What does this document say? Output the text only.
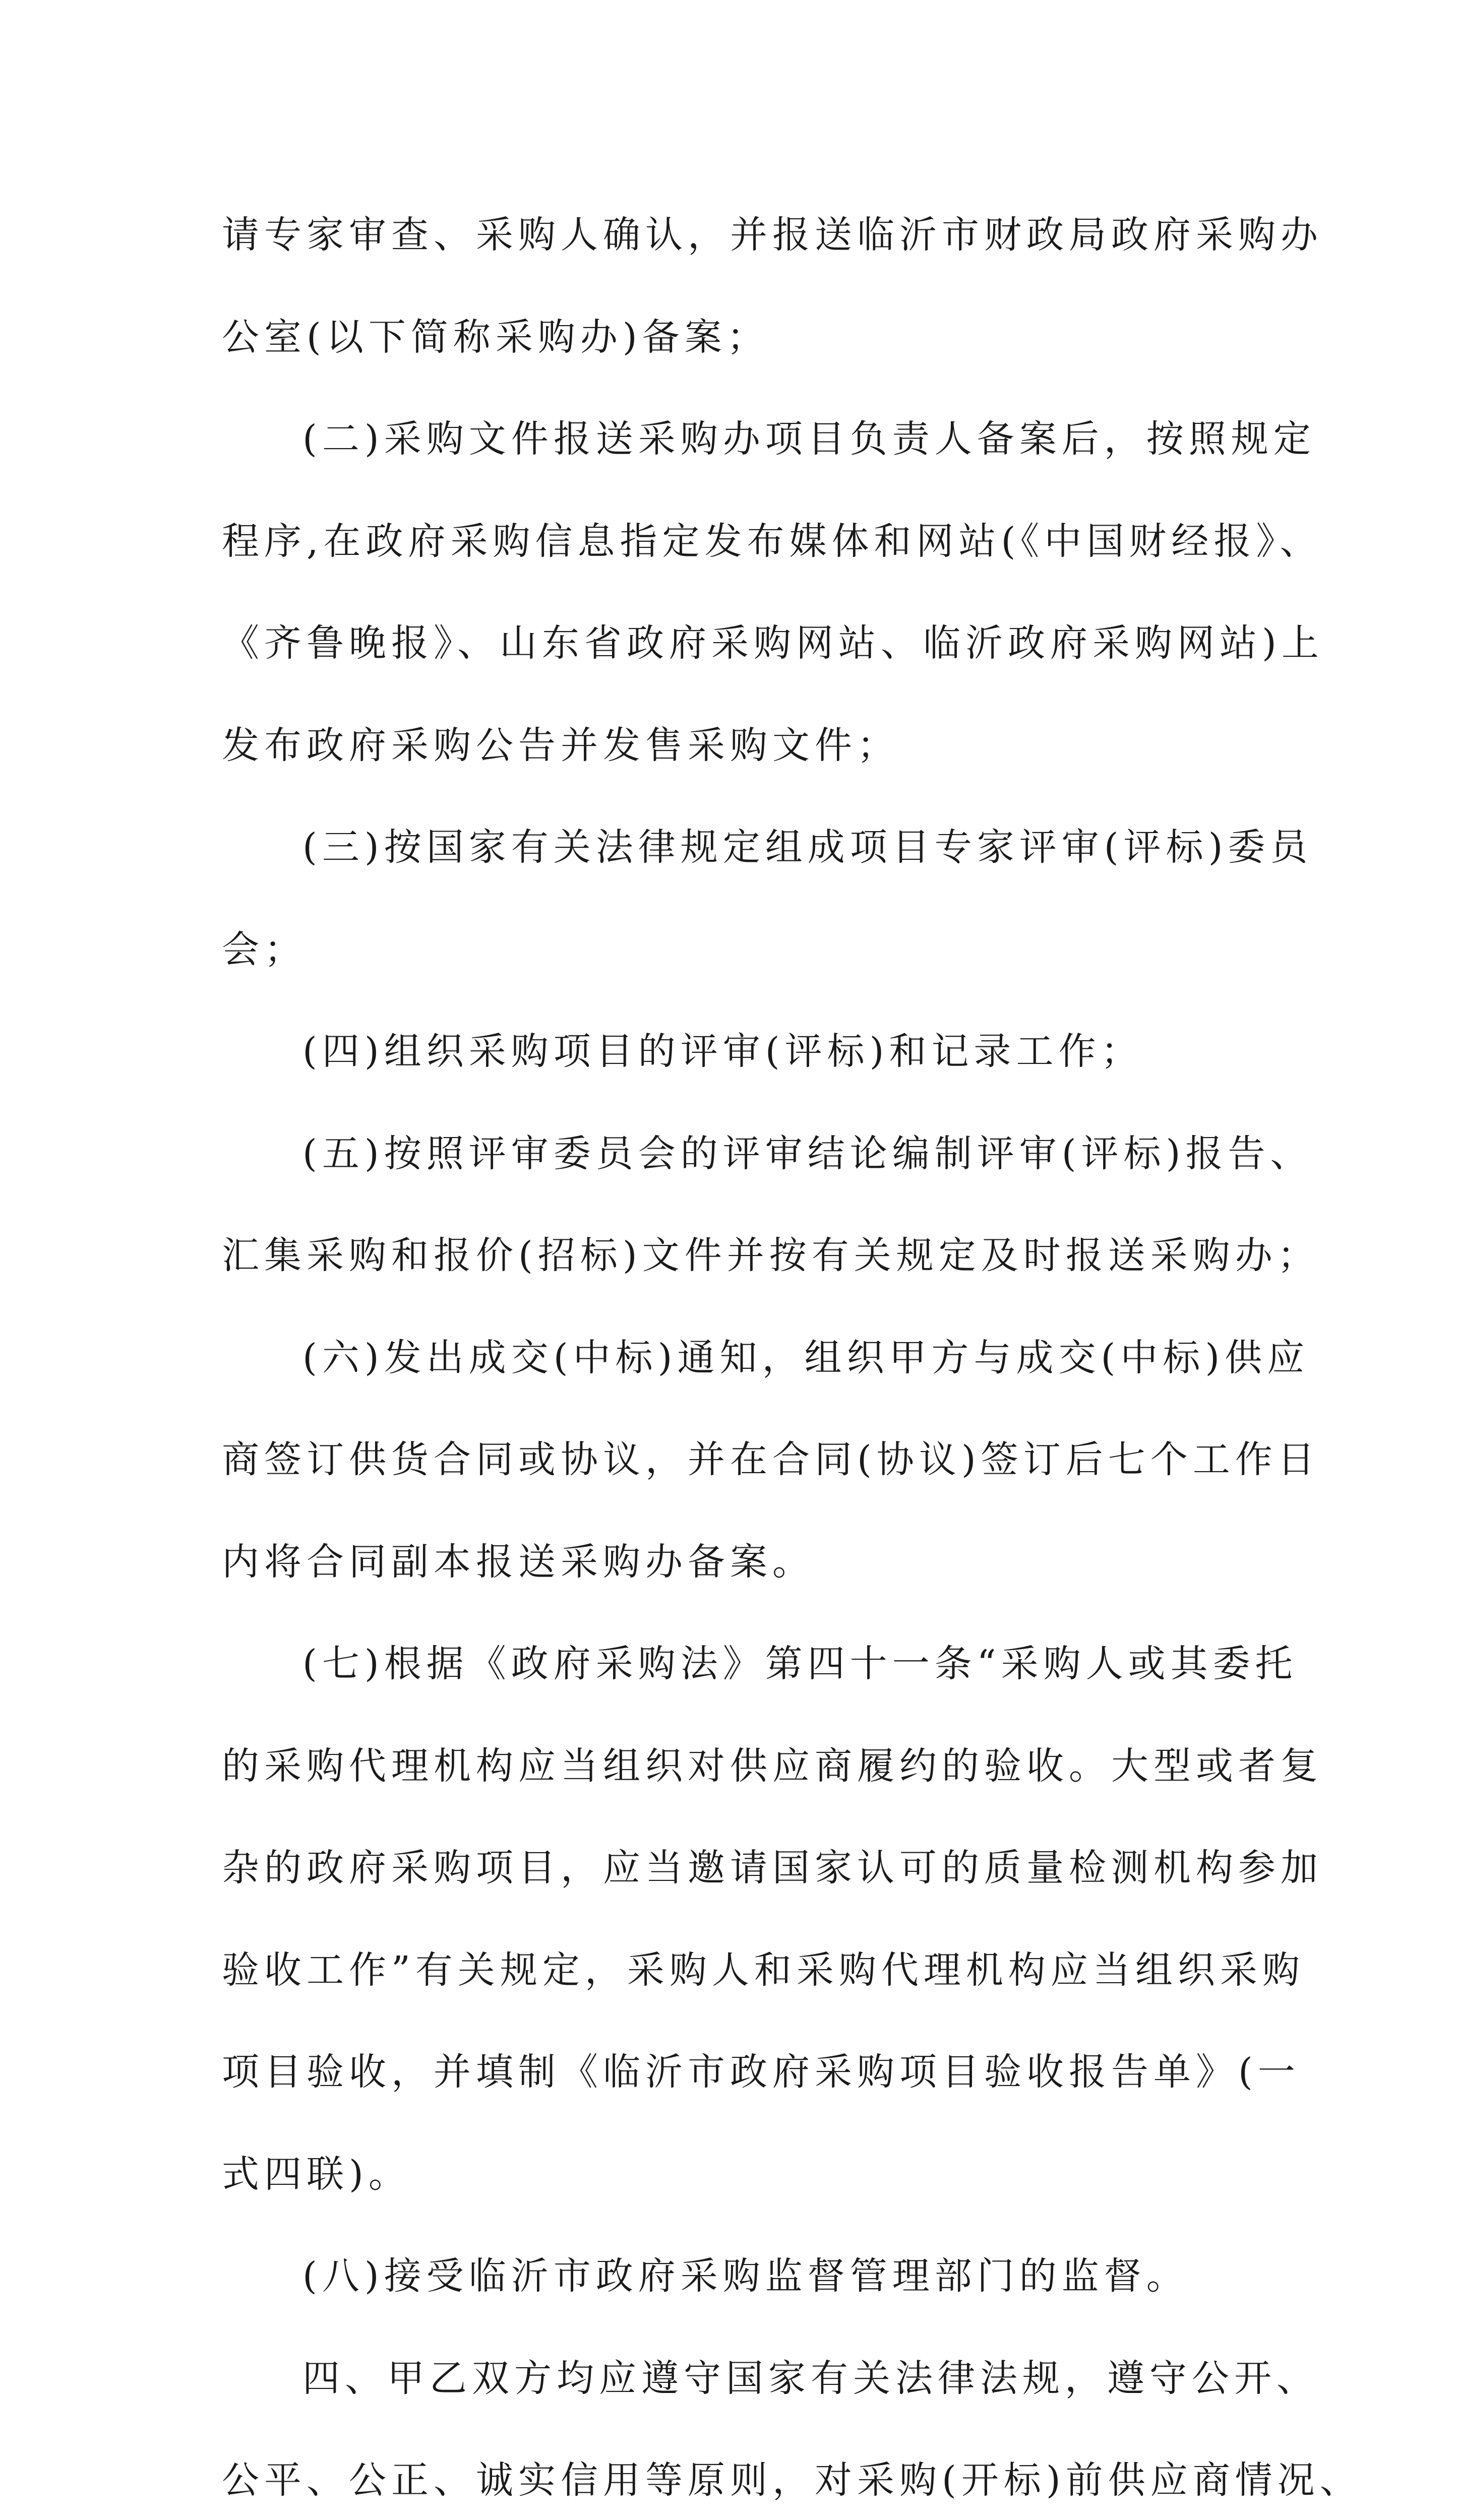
请专家审查、采购人确认，并报送临沂市财政局政府采购办
公室(以下简称采购办)备案；
(二)采购文件报送采购办项目负责人备案后，按照规定
程序,在政府采购信息指定发布媒体和网站(《中国财经报》、
《齐鲁晚报》、山东省政府采购网站、临沂政府采购网站)上
发布政府采购公告并发售采购文件；
(三)按国家有关法律规定组成项目专家评审(评标)委员
会；
(四)组织采购项目的评审(评标)和记录工作；
(五)按照评审委员会的评审结论编制评审(评标)报告、
汇集采购和报价(招标)文件并按有关规定及时报送采购办；
(六)发出成交(中标)通知，组织甲方与成交(中标)供应
商签订供货合同或协议，并在合同(协议)签订后七个工作日
内将合同副本报送采购办备案。
(七)根据《政府采购法》第四十一条“采购人或其委托
的采购代理机构应当组织对供应商履约的验收。大型或者复
杂的政府采购项目，应当邀请国家认可的质量检测机构参加
验收工作”有关规定，采购人和采购代理机构应当组织采购
项目验收，并填制《临沂市政府采购项目验收报告单》(一
式四联)。
(八)接受临沂市政府采购监督管理部门的监督。
四、甲乙双方均应遵守国家有关法律法规，遵守公开、
公平、公正、诚实信用等原则，对采购(开标)前供应商情况、
